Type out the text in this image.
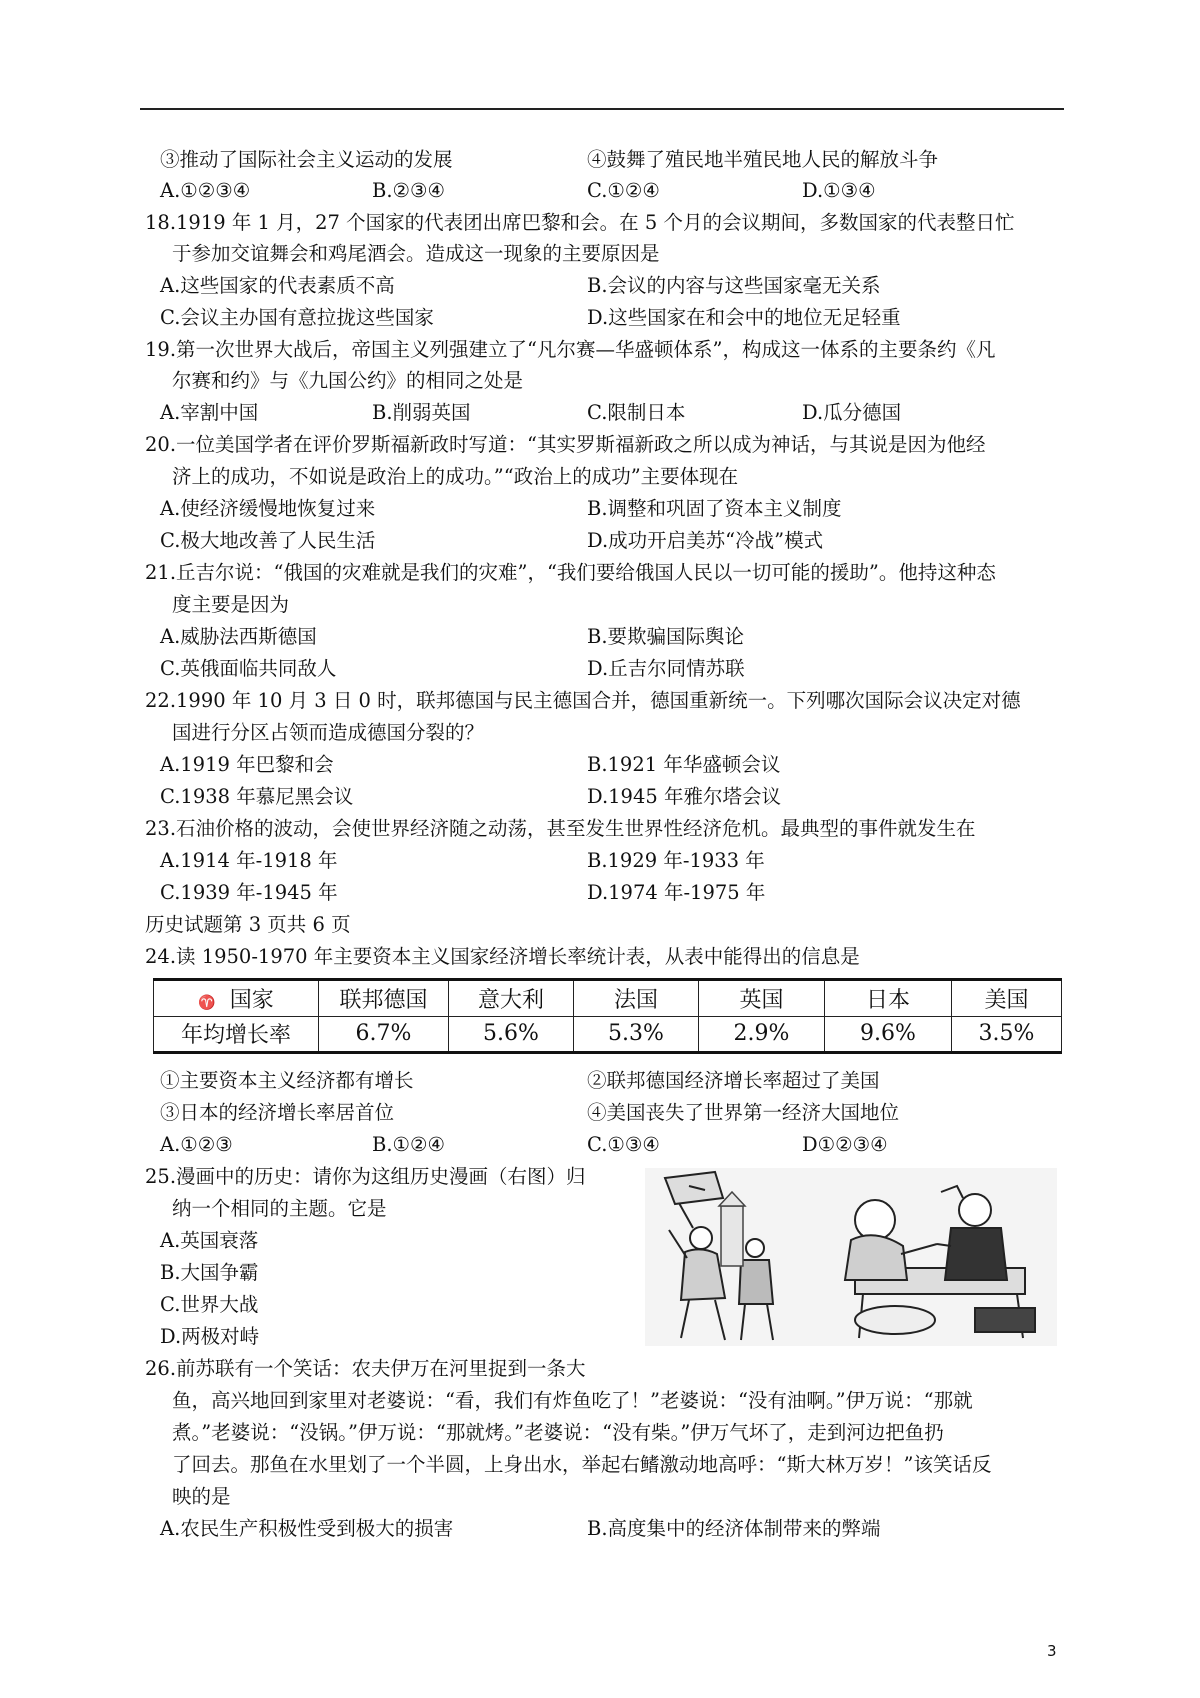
③推动了国际社会主义运动的发展	④鼓舞了殖民地半殖民地人民的解放斗争
A.①②③④	B.②③④	C.①②④	D.①③④
18.1919 年 1 月，27 个国家的代表团出席巴黎和会。在 5 个月的会议期间，多数国家的代表整日忙
于参加交谊舞会和鸡尾酒会。造成这一现象的主要原因是
A.这些国家的代表素质不高	B.会议的内容与这些国家毫无关系
C.会议主办国有意拉拢这些国家	D.这些国家在和会中的地位无足轻重
19.第一次世界大战后，帝国主义列强建立了“凡尔赛—华盛顿体系”，构成这一体系的主要条约《凡
尔赛和约》与《九国公约》的相同之处是
A.宰割中国	B.削弱英国	C.限制日本	D.瓜分德国
20.一位美国学者在评价罗斯福新政时写道：“其实罗斯福新政之所以成为神话，与其说是因为他经
济上的成功，不如说是政治上的成功。”“政治上的成功”主要体现在
A.使经济缓慢地恢复过来	B.调整和巩固了资本主义制度
C.极大地改善了人民生活	D.成功开启美苏“冷战”模式
21.丘吉尔说：“俄国的灾难就是我们的灾难”，“我们要给俄国人民以一切可能的援助”。他持这种态
度主要是因为
A.威胁法西斯德国	B.要欺骗国际舆论
C.英俄面临共同敌人	D.丘吉尔同情苏联
22.1990 年 10 月 3 日 0 时，联邦德国与民主德国合并，德国重新统一。下列哪次国际会议决定对德
国进行分区占领而造成德国分裂的？
A.1919 年巴黎和会	B.1921 年华盛顿会议
C.1938 年慕尼黑会议	D.1945 年雅尔塔会议
23.石油价格的波动，会使世界经济随之动荡，甚至发生世界性经济危机。最典型的事件就发生在
A.1914 年-1918 年	B.1929 年-1933 年
C.1939 年-1945 年	D.1974 年-1975 年
历史试题第 3 页共 6 页
24.读 1950-1970 年主要资本主义国家经济增长率统计表，从表中能得出的信息是
♈ 国家	联邦德国	意大利	法国	英国	日本	美国
年均增长率	6.7%	5.6%	5.3%	2.9%	9.6%	3.5%
①主要资本主义经济都有增长	②联邦德国经济增长率超过了美国
③日本的经济增长率居首位	④美国丧失了世界第一经济大国地位
A.①②③	B.①②④	C.①③④	D①②③④
25.漫画中的历史：请你为这组历史漫画（右图）归
纳一个相同的主题。它是
A.英国衰落
B.大国争霸
C.世界大战
D.两极对峙
26.前苏联有一个笑话：农夫伊万在河里捉到一条大
鱼，高兴地回到家里对老婆说：“看，我们有炸鱼吃了！”老婆说：“没有油啊。”伊万说：“那就
煮。”老婆说：“没锅。”伊万说：“那就烤。”老婆说：“没有柴。”伊万气坏了，走到河边把鱼扔
了回去。那鱼在水里划了一个半圆，上身出水，举起右鳍激动地高呼：“斯大林万岁！”该笑话反
映的是
A.农民生产积极性受到极大的损害	B.高度集中的经济体制带来的弊端
3
